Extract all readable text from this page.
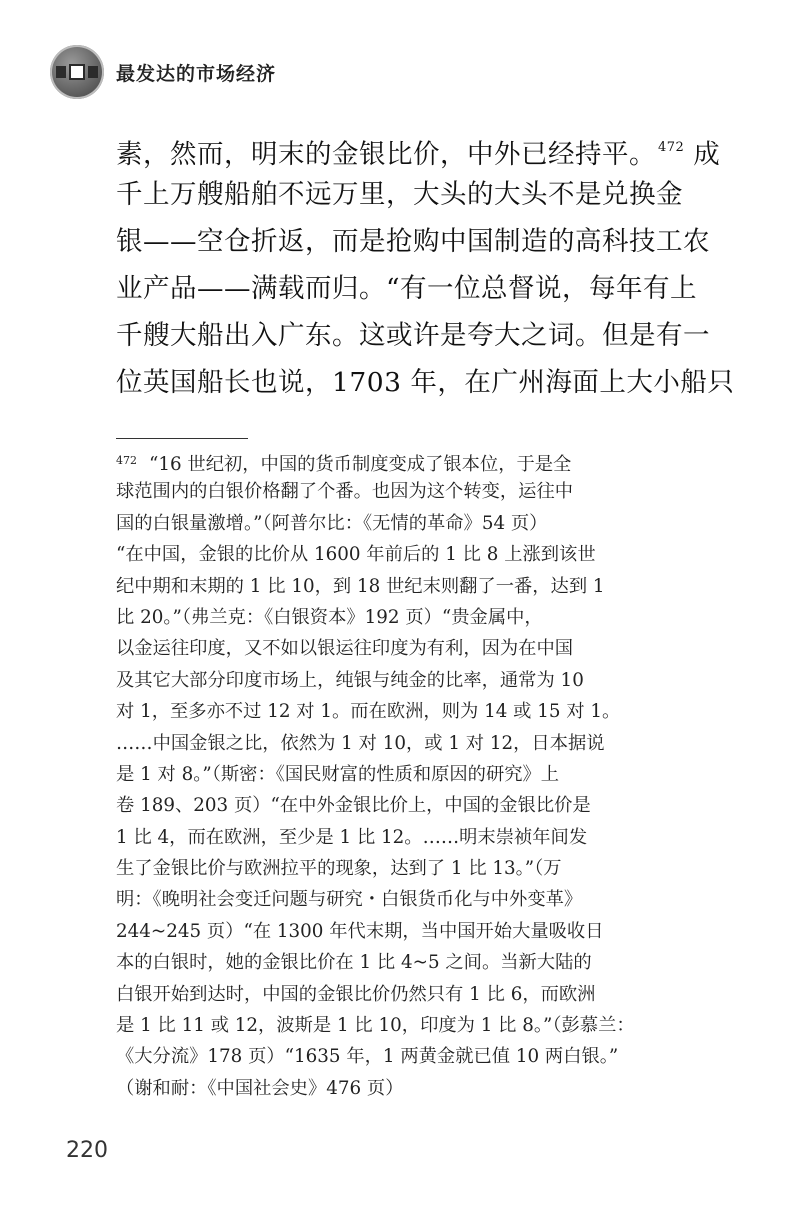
最发达的市场经济
素，然而，明末的金银比价，中外已经持平。 $^{472}$ 成
千上万艘船舶不远万里，大头的大头不是兑换金
银——空仓折返，而是抢购中国制造的高科技工农
业产品——满载而归。“有一位总督说，每年有上
千艘大船出入广东。这或许是夸大之词。但是有一
位英国船长也说，1703 年，在广州海面上大小船只
$^{472}$ “16 世纪初，中国的货币制度变成了银本位，于是全
球范围内的白银价格翻了个番。也因为这个转变，运往中
国的白银量激增。”（阿普尔比：《无情的革命》54 页）
“在中国，金银的比价从 1600 年前后的 1 比 8 上涨到该世
纪中期和末期的 1 比 10，到 18 世纪末则翻了一番，达到 1
比 20。”（弗兰克：《白银资本》192 页）“贵金属中，
以金运往印度，又不如以银运往印度为有利，因为在中国
及其它大部分印度市场上，纯银与纯金的比率，通常为 10
对 1，至多亦不过 12 对 1。而在欧洲，则为 14 或 15 对 1。
……中国金银之比，依然为 1 对 10，或 1 对 12，日本据说
是 1 对 8。”（斯密：《国民财富的性质和原因的研究》上
卷 189、203 页）“在中外金银比价上，中国的金银比价是
1 比 4，而在欧洲，至少是 1 比 12。……明末崇祯年间发
生了金银比价与欧洲拉平的现象，达到了 1 比 13。”（万
明：《晚明社会变迁问题与研究・白银货币化与中外变革》
244~245 页）“在 1300 年代末期，当中国开始大量吸收日
本的白银时，她的金银比价在 1 比 4~5 之间。当新大陆的
白银开始到达时，中国的金银比价仍然只有 1 比 6，而欧洲
是 1 比 11 或 12，波斯是 1 比 10，印度为 1 比 8。”（彭慕兰：
《大分流》178 页）“1635 年，1 两黄金就已值 10 两白银。”
（谢和耐：《中国社会史》476 页）
220
